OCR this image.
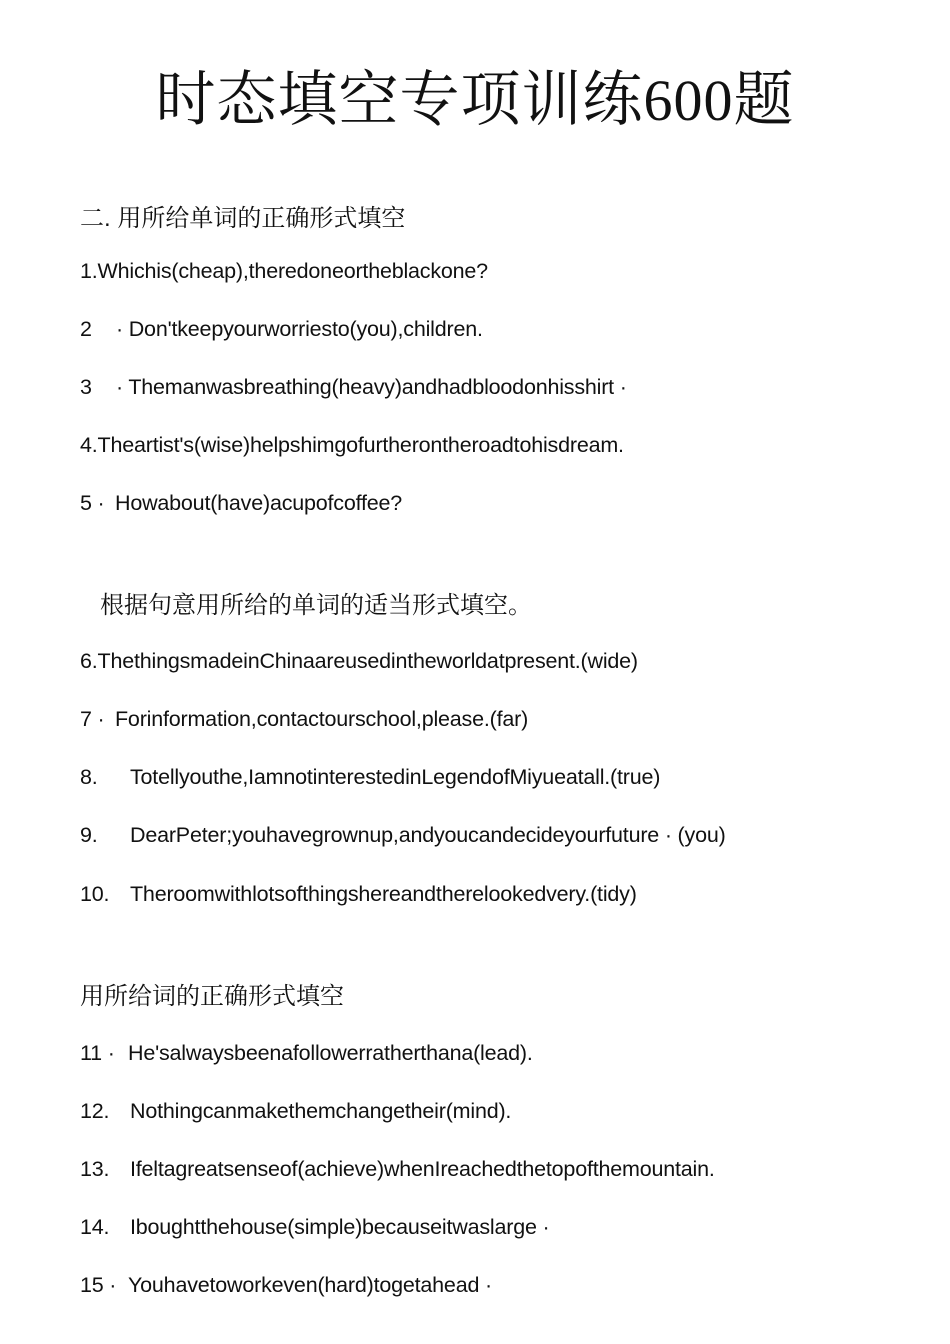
时态填空专项训练600题
二. 用所给单词的正确形式填空
1.Whichis(cheap),theredoneortheblackone?
2 · Don'tkeepyourworriesto(you),children.
3 · Themanwasbreathing(heavy)andhadbloodonhisshirt ·
4.Theartist's(wise)helpshimgofurtherontheroadtohisdream.
5 · Howabout(have)acupofcoffee?
根据句意用所给的单词的适当形式填空。
6.ThethingsmadeinChinaareusedintheworldatpresent.(wide)
7 · Forinformation,contactourschool,please.(far)
8. Totellyouthe,IamnotinterestedinLegendofMiyueatall.(true)
9. DearPeter;youhavegrownup,andyoucandecideyourfuture · (you)
10. Theroomwithlotsofthingshereandtherelookedvery.(tidy)
用所给词的正确形式填空
11 · He'salwaysbeenafollowerratherthana(lead).
12. Nothingcanmakethemchangetheir(mind).
13. Ifeltagreatsenseof(achieve)whenIreachedthetopofthemountain.
14. Iboughtthehouse(simple)becauseitwaslarge ·
15 · Youhavetoworkeven(hard)togetahead ·
